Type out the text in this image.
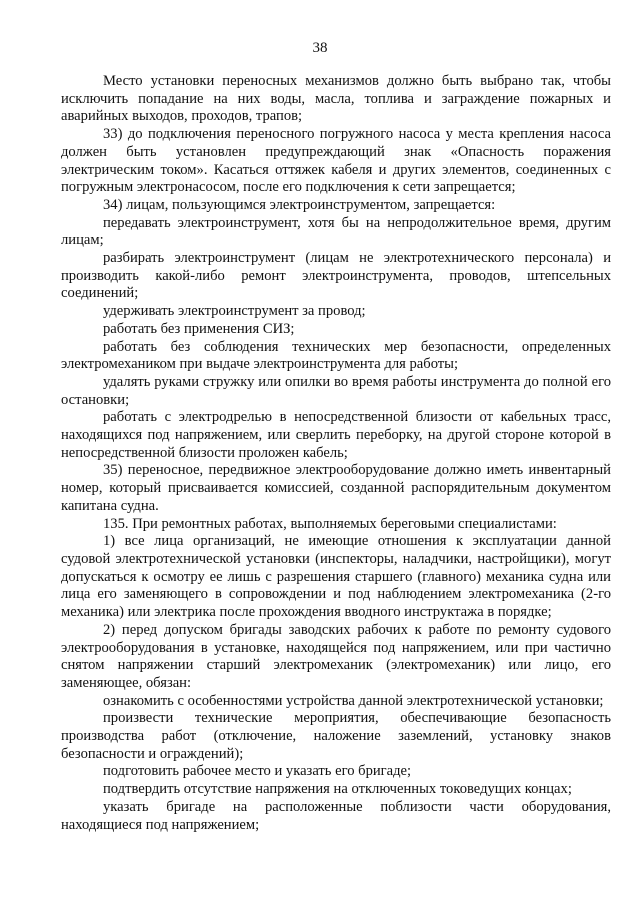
38

Место установки переносных механизмов должно быть выбрано так, чтобы исключить попадание на них воды, масла, топлива и заграждение пожарных и аварийных выходов, проходов, трапов;

33) до подключения переносного погружного насоса у места крепления насоса должен быть установлен предупреждающий знак «Опасность поражения электрическим током». Касаться оттяжек кабеля и других элементов, соединенных с погружным электронасосом, после его подключения к сети запрещается;

34) лицам, пользующимся электроинструментом, запрещается:

передавать электроинструмент, хотя бы на непродолжительное время, другим лицам;

разбирать электроинструмент (лицам не электротехнического персонала) и производить какой-либо ремонт электроинструмента, проводов, штепсельных соединений;

удерживать электроинструмент за провод;

работать без применения СИЗ;

работать без соблюдения технических мер безопасности, определенных электромехаником при выдаче электроинструмента для работы;

удалять руками стружку или опилки во время работы инструмента до полной его остановки;

работать с электродрелью в непосредственной близости от кабельных трасс, находящихся под напряжением, или сверлить переборку, на другой стороне которой в непосредственной близости проложен кабель;

35) переносное, передвижное электрооборудование должно иметь инвентарный номер, который присваивается комиссией, созданной распорядительным документом капитана судна.

135. При ремонтных работах, выполняемых береговыми специалистами:

1) все лица организаций, не имеющие отношения к эксплуатации данной судовой электротехнической установки (инспекторы, наладчики, настройщики), могут допускаться к осмотру ее лишь с разрешения старшего (главного) механика судна или лица его заменяющего в сопровождении и под наблюдением электромеханика (2-го механика) или электрика после прохождения вводного инструктажа в порядке;

2) перед допуском бригады заводских рабочих к работе по ремонту судового электрооборудования в установке, находящейся под напряжением, или при частично снятом напряжении старший электромеханик (электромеханик) или лицо, его заменяющее, обязан:

ознакомить с особенностями устройства данной электротехнической установки;

произвести технические мероприятия, обеспечивающие безопасность производства работ (отключение, наложение заземлений, установку знаков безопасности и ограждений);

подготовить рабочее место и указать его бригаде;

подтвердить отсутствие напряжения на отключенных токоведущих концах;

указать бригаде на расположенные поблизости части оборудования, находящиеся под напряжением;
